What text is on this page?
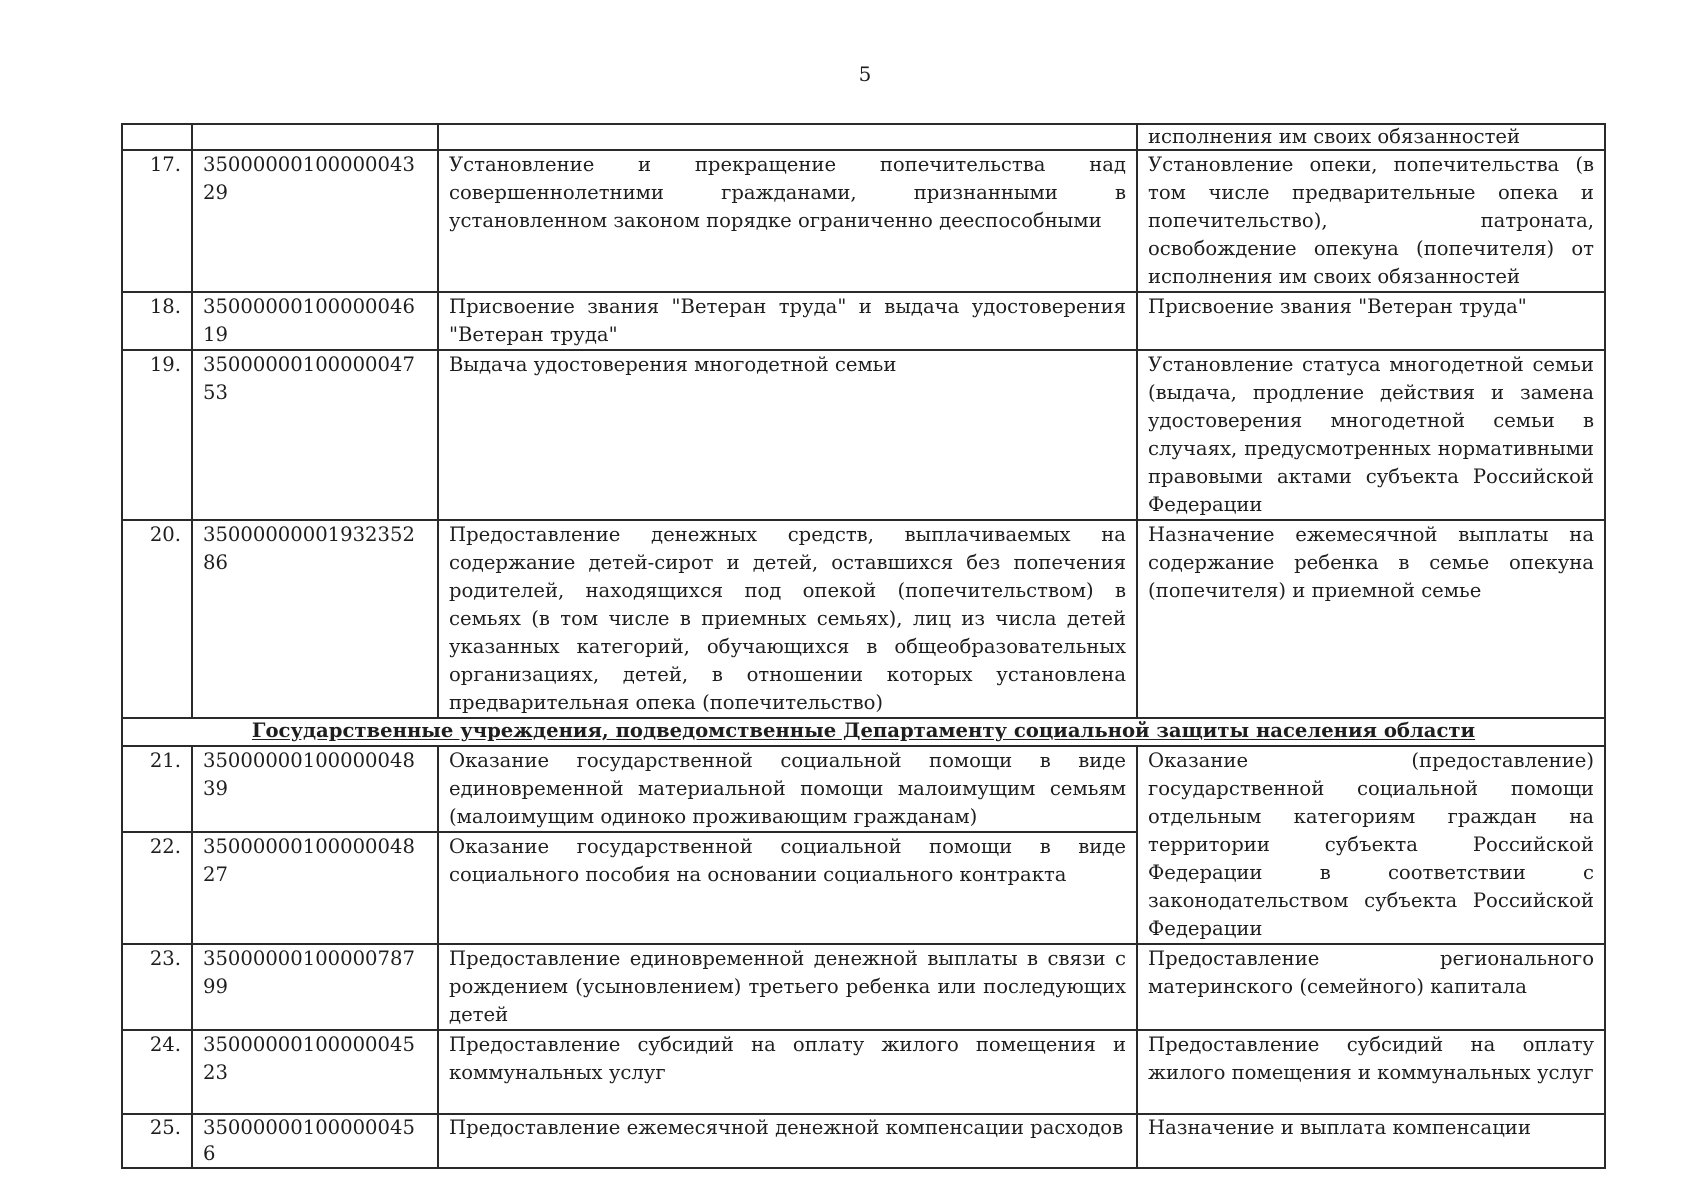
5
			исполнения им своих обязанностей
17.	3500000010000004329	Установление и прекращение попечительства над совершеннолетними гражданами, признанными в установленном законом порядке ограниченно дееспособными	Установление опеки, попечительства (в том числе предварительные опека и попечительство), патроната, освобождение опекуна (попечителя) от исполнения им своих обязанностей
18.	3500000010000004619	Присвоение звания "Ветеран труда" и выдача удостоверения "Ветеран труда"	Присвоение звания "Ветеран труда"
19.	3500000010000004753	Выдача удостоверения многодетной семьи	Установление статуса многодетной семьи (выдача, продление действия и замена удостоверения многодетной семьи в случаях, предусмотренных нормативными правовыми актами субъекта Российской Федерации
20.	3500000000193235286	Предоставление денежных средств, выплачиваемых на содержание детей-сирот и детей, оставшихся без попечения родителей, находящихся под опекой (попечительством) в семьях (в том числе в приемных семьях), лиц из числа детей указанных категорий, обучающихся в общеобразовательных организациях, детей, в отношении которых установлена предварительная опека (попечительство)	Назначение ежемесячной выплаты на содержание ребенка в семье опекуна (попечителя) и приемной семье
Государственные учреждения, подведомственные Департаменту социальной защиты населения области			
21.	3500000010000004839	Оказание государственной социальной помощи в виде единовременной материальной помощи малоимущим семьям (малоимущим одиноко проживающим гражданам)	Оказание (предоставление) государственной социальной помощи отдельным категориям граждан на территории субъекта Российской Федерации в соответствии с законодательством субъекта Российской Федерации
22.	3500000010000004827	Оказание государственной социальной помощи в виде социального пособия на основании социального контракта	
23.	3500000010000078799	Предоставление единовременной денежной выплаты в связи с рождением (усыновлением) третьего ребенка или последующих детей	Предоставление регионального материнского (семейного) капитала
24.	3500000010000004523	Предоставление субсидий на оплату жилого помещения и коммунальных услуг	Предоставление субсидий на оплату жилого помещения и коммунальных услуг
25.	350000001000000456	Предоставление ежемесячной денежной компенсации расходов	Назначение и выплата компенсации
